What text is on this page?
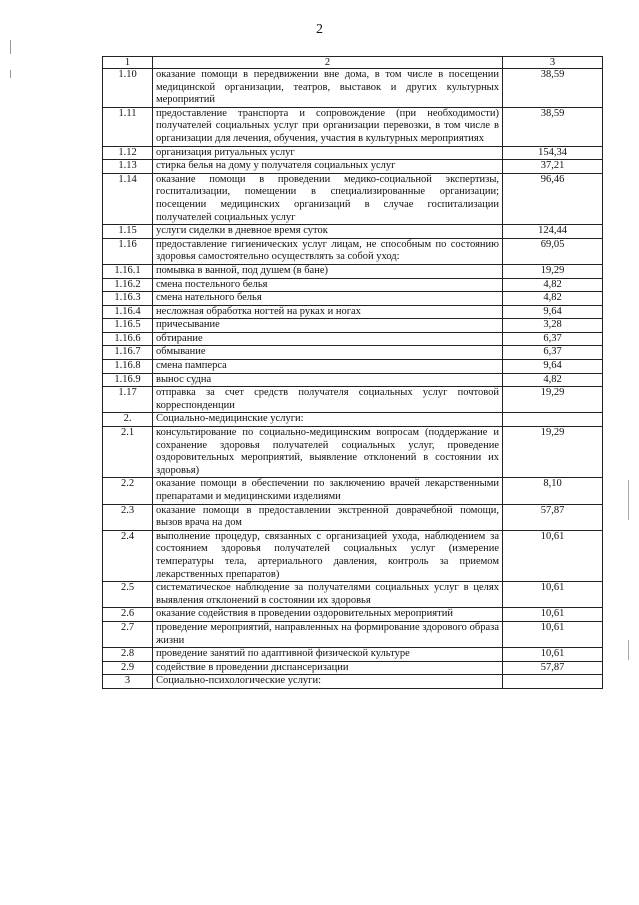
2
1	2	3
1.10	оказание помощи в передвижении вне дома, в том числе в посещении медицинской организации, театров, выставок и других культурных мероприятий	38,59
1.11	предоставление транспорта и сопровождение (при необходимости) получателей социальных услуг при организации перевозки, в том числе в организации для лечения, обучения, участия в культурных мероприятиях	38,59
1.12	организация ритуальных услуг	154,34
1.13	стирка белья на дому у получателя социальных услуг	37,21
1.14	оказание помощи в проведении медико-социальной экспертизы, госпитализации, помещении в специализированные организации; посещении медицинских организаций в случае госпитализации получателей социальных услуг	96,46
1.15	услуги сиделки в дневное время суток	124,44
1.16	предоставление гигиенических услуг лицам, не способным по состоянию здоровья самостоятельно осуществлять за собой уход:	69,05
1.16.1	помывка в ванной, под душем (в бане)	19,29
1.16.2	смена постельного белья	4,82
1.16.3	смена нательного белья	4,82
1.16.4	несложная обработка ногтей на руках и ногах	9,64
1.16.5	причесывание	3,28
1.16.6	обтирание	6,37
1.16.7	обмывание	6,37
1.16.8	смена памперса	9,64
1.16.9	вынос судна	4,82
1.17	отправка за счет средств получателя социальных услуг почтовой корреспонденции	19,29
2.	Социально-медицинские услуги:	
2.1	консультирование по социально-медицинским вопросам (поддержание и сохранение здоровья получателей социальных услуг, проведение оздоровительных мероприятий, выявление отклонений в состоянии их здоровья)	19,29
2.2	оказание помощи в обеспечении по заключению врачей лекарственными препаратами и медицинскими изделиями	8,10
2.3	оказание помощи в предоставлении экстренной доврачебной помощи, вызов врача на дом	57,87
2.4	выполнение процедур, связанных с организацией ухода, наблюдением за состоянием здоровья получателей социальных услуг (измерение температуры тела, артериального давления, контроль за приемом лекарственных препаратов)	10,61
2.5	систематическое наблюдение за получателями социальных услуг в целях выявления отклонений в состоянии их здоровья	10,61
2.6	оказание содействия в проведении оздоровительных мероприятий	10,61
2.7	проведение мероприятий, направленных на формирование здорового образа жизни	10,61
2.8	проведение занятий по адаптивной физической культуре	10,61
2.9	содействие в проведении диспансеризации	57,87
3	Социально-психологические услуги:	
